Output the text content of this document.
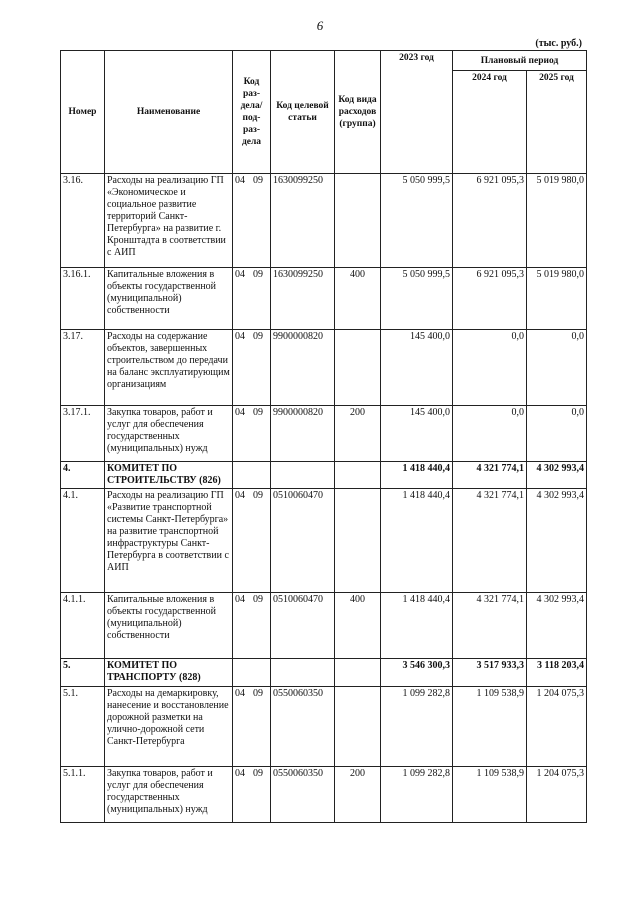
6
(тыс. руб.)
Номер	Наименование	Код раз- дела/ под- раз- дела	Код целевой статьи	Код вида расходов (группа)	2023 год	Плановый период	
						2024 год	2025 год
3.16.	Расходы на реализацию ГП «Экономическое и социальное развитие территорий Санкт-Петербурга» на развитие г. Кронштадта в соответствии с АИП	04 09	1630099250		5 050 999,5	6 921 095,3	5 019 980,0
3.16.1.	Капитальные вложения в объекты государственной (муниципальной) собственности	04 09	1630099250	400	5 050 999,5	6 921 095,3	5 019 980,0
3.17.	Расходы на содержание объектов, завершенных строительством до передачи на баланс эксплуатирующим организациям	04 09	9900000820		145 400,0	0,0	0,0
3.17.1.	Закупка товаров, работ и услуг для обеспечения государственных (муниципальных) нужд	04 09	9900000820	200	145 400,0	0,0	0,0
4.	КОМИТЕТ ПО СТРОИТЕЛЬСТВУ (826)				1 418 440,4	4 321 774,1	4 302 993,4
4.1.	Расходы на реализацию ГП «Развитие транспортной системы Санкт-Петербурга» на развитие транспортной инфраструктуры Санкт-Петербурга в соответствии с АИП	04 09	0510060470		1 418 440,4	4 321 774,1	4 302 993,4
4.1.1.	Капитальные вложения в объекты государственной (муниципальной) собственности	04 09	0510060470	400	1 418 440,4	4 321 774,1	4 302 993,4
5.	КОМИТЕТ ПО ТРАНСПОРТУ (828)				3 546 300,3	3 517 933,3	3 118 203,4
5.1.	Расходы на демаркировку, нанесение и восстановление дорожной разметки на улично-дорожной сети Санкт-Петербурга	04 09	0550060350		1 099 282,8	1 109 538,9	1 204 075,3
5.1.1.	Закупка товаров, работ и услуг для обеспечения государственных (муниципальных) нужд	04 09	0550060350	200	1 099 282,8	1 109 538,9	1 204 075,3
